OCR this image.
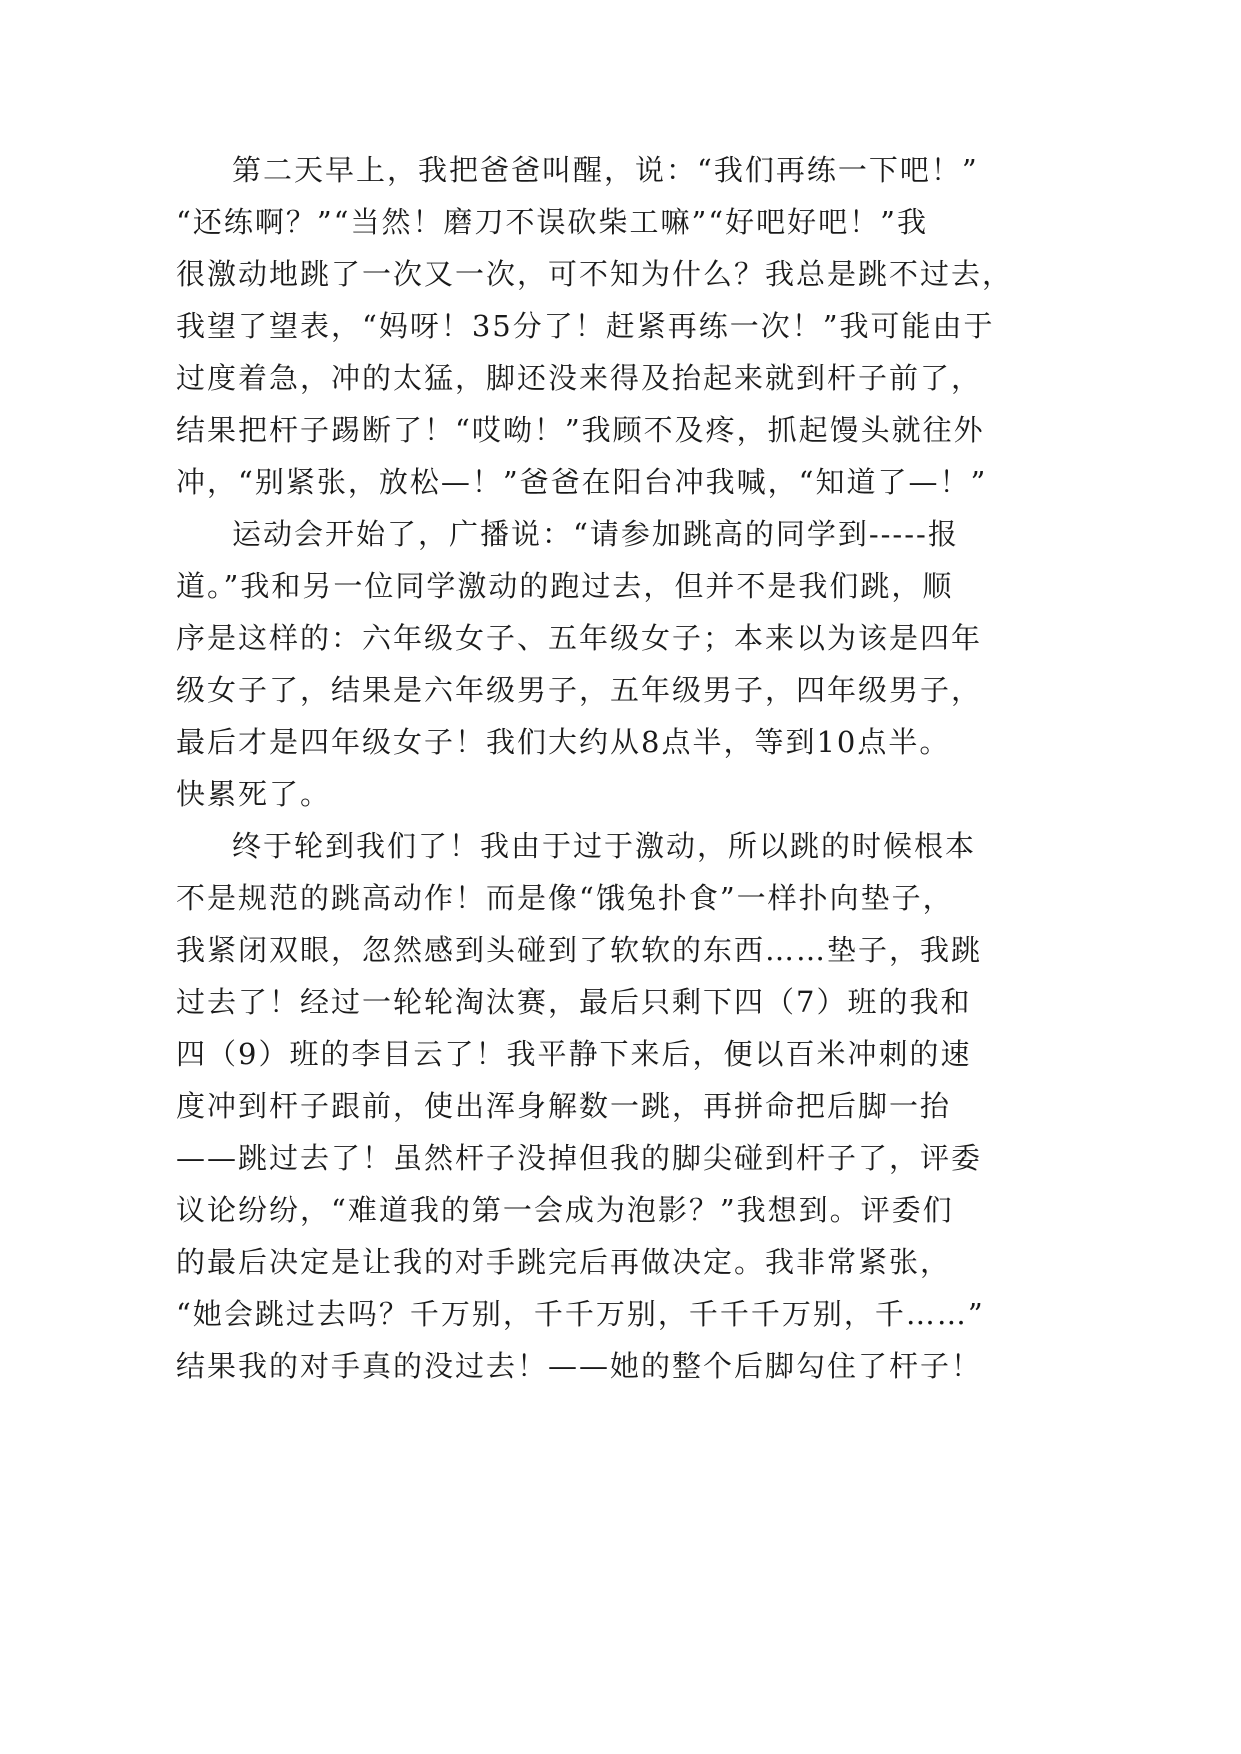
第二天早上，我把爸爸叫醒，说：“我们再练一下吧！”
“还练啊？”“当然！磨刀不误砍柴工嘛”“好吧好吧！”我
很激动地跳了一次又一次，可不知为什么？我总是跳不过去，
我望了望表，“妈呀！35分了！赶紧再练一次！”我可能由于
过度着急，冲的太猛，脚还没来得及抬起来就到杆子前了，
结果把杆子踢断了！“哎呦！”我顾不及疼，抓起馒头就往外
冲，“别紧张，放松—！”爸爸在阳台冲我喊，“知道了—！”
运动会开始了，广播说：“请参加跳高的同学到-----报
道。”我和另一位同学激动的跑过去，但并不是我们跳，顺
序是这样的：六年级女子、五年级女子；本来以为该是四年
级女子了，结果是六年级男子，五年级男子，四年级男子，
最后才是四年级女子！我们大约从8点半，等到10点半。
快累死了。
终于轮到我们了！我由于过于激动，所以跳的时候根本
不是规范的跳高动作！而是像“饿兔扑食”一样扑向垫子，
我紧闭双眼，忽然感到头碰到了软软的东西……垫子，我跳
过去了！经过一轮轮淘汰赛，最后只剩下四（7）班的我和
四（9）班的李目云了！我平静下来后，便以百米冲刺的速
度冲到杆子跟前，使出浑身解数一跳，再拼命把后脚一抬
——跳过去了！虽然杆子没掉但我的脚尖碰到杆子了，评委
议论纷纷，“难道我的第一会成为泡影？”我想到。评委们
的最后决定是让我的对手跳完后再做决定。我非常紧张，
“她会跳过去吗？千万别，千千万别，千千千万别，千……”
结果我的对手真的没过去！——她的整个后脚勾住了杆子！
